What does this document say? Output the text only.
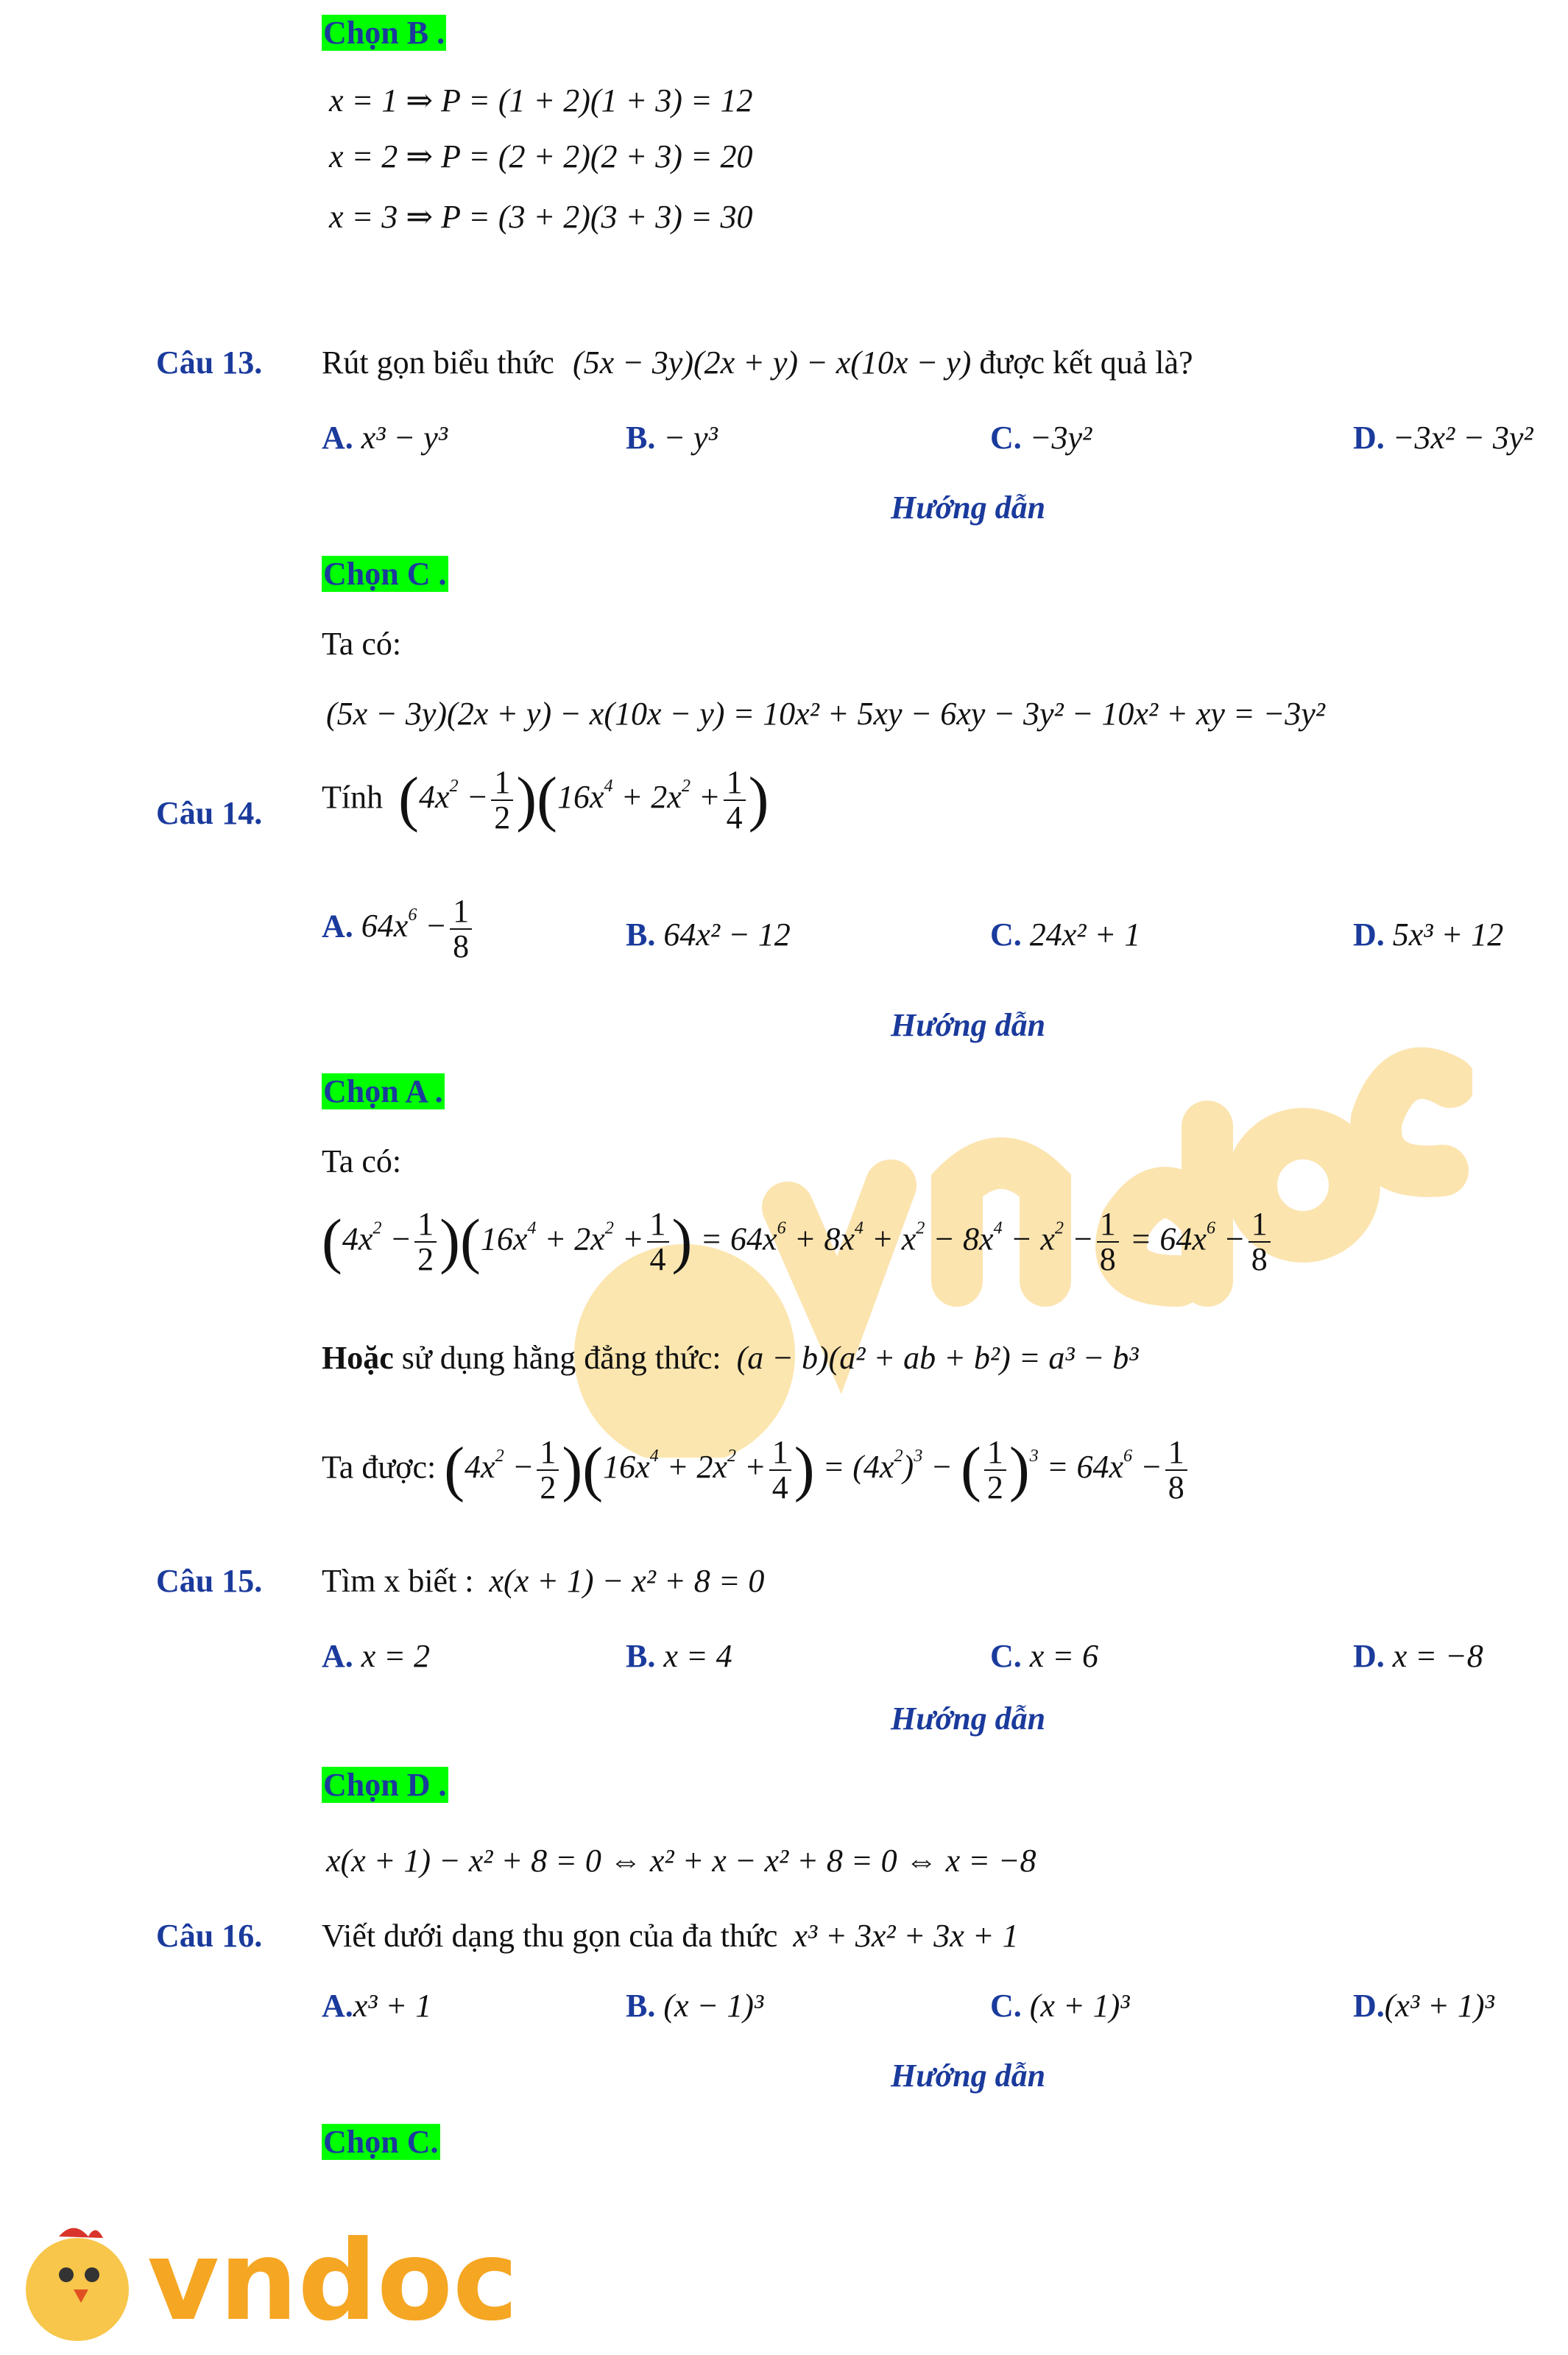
Chọn B .
x = 1 ⇒ P = (1 + 2)(1 + 3) = 12
x = 2 ⇒ P = (2 + 2)(2 + 3) = 20
x = 3 ⇒ P = (3 + 2)(3 + 3) = 30
Câu 13. Rút gọn biểu thức (5x − 3y)(2x + y) − x(10x − y) được kết quả là?
A. x³ − y³	B. − y³	C. −3y²	D. −3x² − 3y²
Hướng dẫn
Chọn C .
Ta có:
(5x − 3y)(2x + y) − x(10x − y) = 10x² + 5xy − 6xy − 3y² − 10x² + xy = −3y²
Câu 14. Tính $(4x^2 - \frac{1}{2} )(16x^4 + 2x^2 + \frac{1}{4}$ )
A. $64x^6 - \frac{1}{8}$	B. 64x² − 12	C. 24x² + 1	D. 5x³ + 12
Hướng dẫn
Chọn A .
Ta có:
$(4x^2 - \frac{1}{2} )(16x^4 + 2x^2 + \frac{1}{4}$ ) = $64x^6 + 8x^4 + x^2 - 8x^4 - x^2 - \frac{1}{8} = 64x^6 - \frac{1}{8}$
Hoặc sử dụng hằng đẳng thức: (a − b)(a² + ab + b²) = a³ − b³
Ta được: $(4x^2 - \frac{1}{2} )(16x^4 + 2x^2 + \frac{1}{4}$ ) = $(4x^2)^3$ − ( $\frac{1}{2} )^3 = 64x^6 - \frac{1}{8}$
Câu 15. Tìm x biết : x(x + 1) − x² + 8 = 0
A. x = 2	B. x = 4	C. x = 6	D. x = −8
Hướng dẫn
Chọn D .
x(x + 1) − x² + 8 = 0 ⇔ x² + x − x² + 8 = 0 ⇔ x = −8
Câu 16. Viết dưới dạng thu gọn của đa thức x³ + 3x² + 3x + 1
A.x³ + 1	B. (x − 1)³	C. (x + 1)³	D.(x³ + 1)³
Hướng dẫn
Chọn C.
vndoc
